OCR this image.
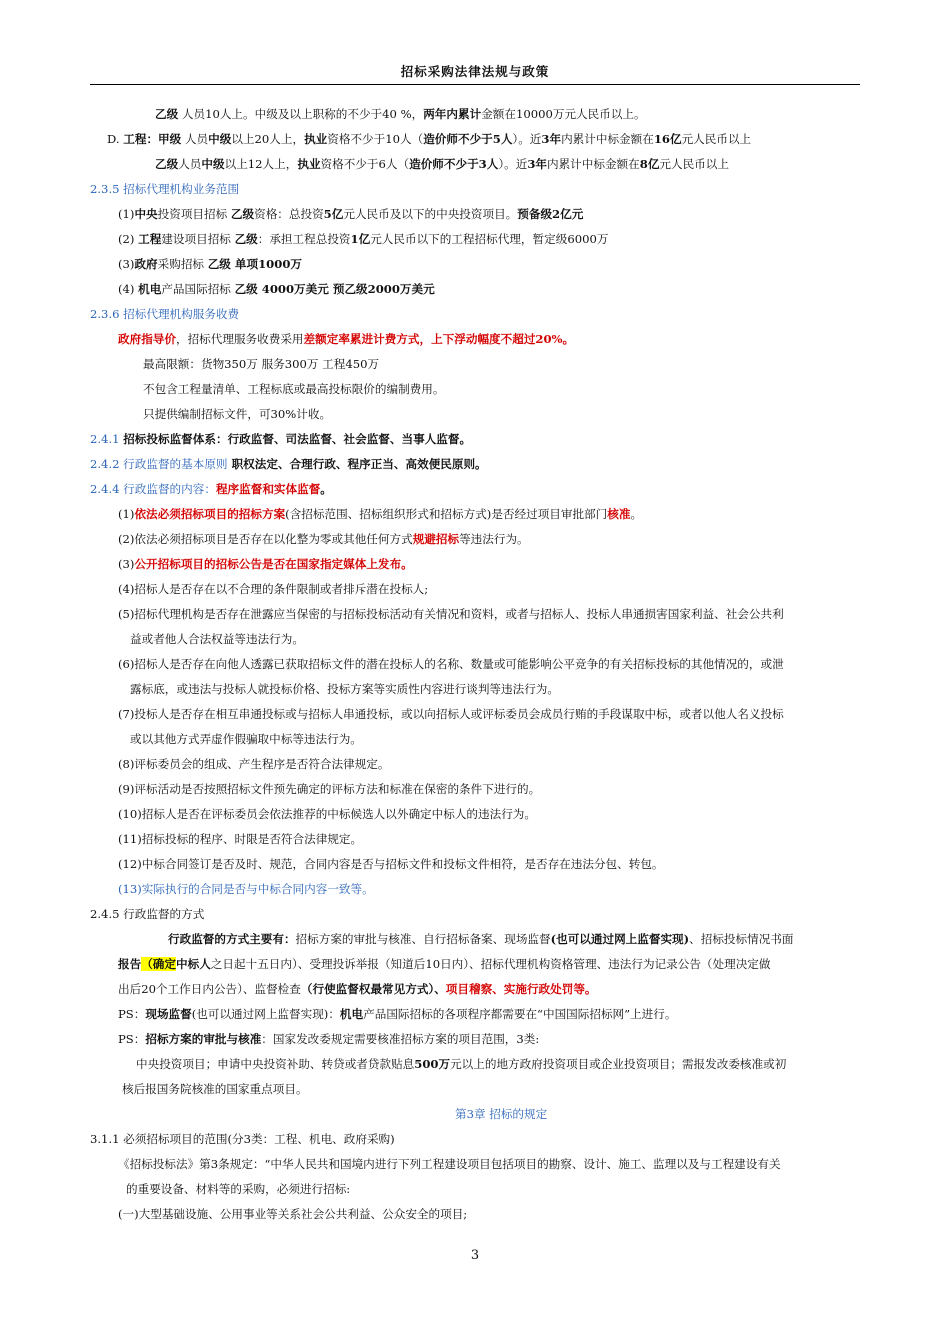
招标采购法律法规与政策
乙级 人员10人上。中级及以上职称的不少于40 %，两年内累计金额在10000万元人民币以上。
D. 工程：甲级 人员中级以上20人上，执业资格不少于10人（造价师不少于5人）。近3年内累计中标金额在16亿元人民币以上
乙级人员中级以上12人上，执业资格不少于6人（造价师不少于3人）。近3年内累计中标金额在8亿元人民币以上
2.3.5 招标代理机构业务范围
(1)中央投资项目招标 乙级资格：总投资5亿元人民币及以下的中央投资项目。预备级2亿元
(2) 工程建设项目招标 乙级：承担工程总投资1亿元人民币以下的工程招标代理，暂定级6000万
(3)政府采购招标 乙级 单项1000万
(4) 机电产品国际招标 乙级 4000万美元 预乙级2000万美元
2.3.6 招标代理机构服务收费
政府指导价，招标代理服务收费采用差额定率累进计费方式，上下浮动幅度不超过20%。
最高限额：货物350万 服务300万 工程450万
不包含工程量清单、工程标底或最高投标限价的编制费用。
只提供编制招标文件，可30%计收。
2.4.1 招标投标监督体系：行政监督、司法监督、社会监督、当事人监督。
2.4.2 行政监督的基本原则 职权法定、合理行政、程序正当、高效便民原则。
2.4.4 行政监督的内容：程序监督和实体监督。
(1)依法必须招标项目的招标方案(含招标范围、招标组织形式和招标方式)是否经过项目审批部门核准。
(2)依法必须招标项目是否存在以化整为零或其他任何方式规避招标等违法行为。
(3)公开招标项目的招标公告是否在国家指定媒体上发布。
(4)招标人是否存在以不合理的条件限制或者排斥潜在投标人;
(5)招标代理机构是否存在泄露应当保密的与招标投标活动有关情况和资料，或者与招标人、投标人串通损害国家利益、社会公共利
益或者他人合法权益等违法行为。
(6)招标人是否存在向他人透露已获取招标文件的潜在投标人的名称、数量或可能影响公平竞争的有关招标投标的其他情况的，或泄
露标底，或违法与投标人就投标价格、投标方案等实质性内容进行谈判等违法行为。
(7)投标人是否存在相互串通投标或与招标人串通投标，或以向招标人或评标委员会成员行贿的手段谋取中标，或者以他人名义投标
或以其他方式弄虚作假骗取中标等违法行为。
(8)评标委员会的组成、产生程序是否符合法律规定。
(9)评标活动是否按照招标文件预先确定的评标方法和标准在保密的条件下进行的。
(10)招标人是否在评标委员会依法推荐的中标候选人以外确定中标人的违法行为。
(11)招标投标的程序、时限是否符合法律规定。
(12)中标合同签订是否及时、规范，合同内容是否与招标文件和投标文件相符，是否存在违法分包、转包。
(13)实际执行的合同是否与中标合同内容一致等。
2.4.5 行政监督的方式
行政监督的方式主要有：招标方案的审批与核准、自行招标备案、现场监督(也可以通过网上监督实现)、招标投标情况书面
报告（确定中标人之日起十五日内）、受理投诉举报（知道后10日内）、招标代理机构资格管理、违法行为记录公告（处理决定做
出后20个工作日内公告）、监督检查（行使监督权最常见方式）、项目稽察、实施行政处罚等。
PS：现场监督(也可以通过网上监督实现)：机电产品国际招标的各项程序都需要在“中国国际招标网”上进行。
PS：招标方案的审批与核准：国家发改委规定需要核准招标方案的项目范围，3类:
中央投资项目；申请中央投资补助、转贷或者贷款贴息500万元以上的地方政府投资项目或企业投资项目；需报发改委核准或初
核后报国务院核准的国家重点项目。
第3章 招标的规定
3.1.1 必须招标项目的范围(分3类：工程、机电、政府采购)
《招标投标法》第3条规定：“中华人民共和国境内进行下列工程建设项目包括项目的勘察、设计、施工、监理以及与工程建设有关
的重要设备、材料等的采购，必须进行招标:
(一)大型基础设施、公用事业等关系社会公共利益、公众安全的项目;
3
